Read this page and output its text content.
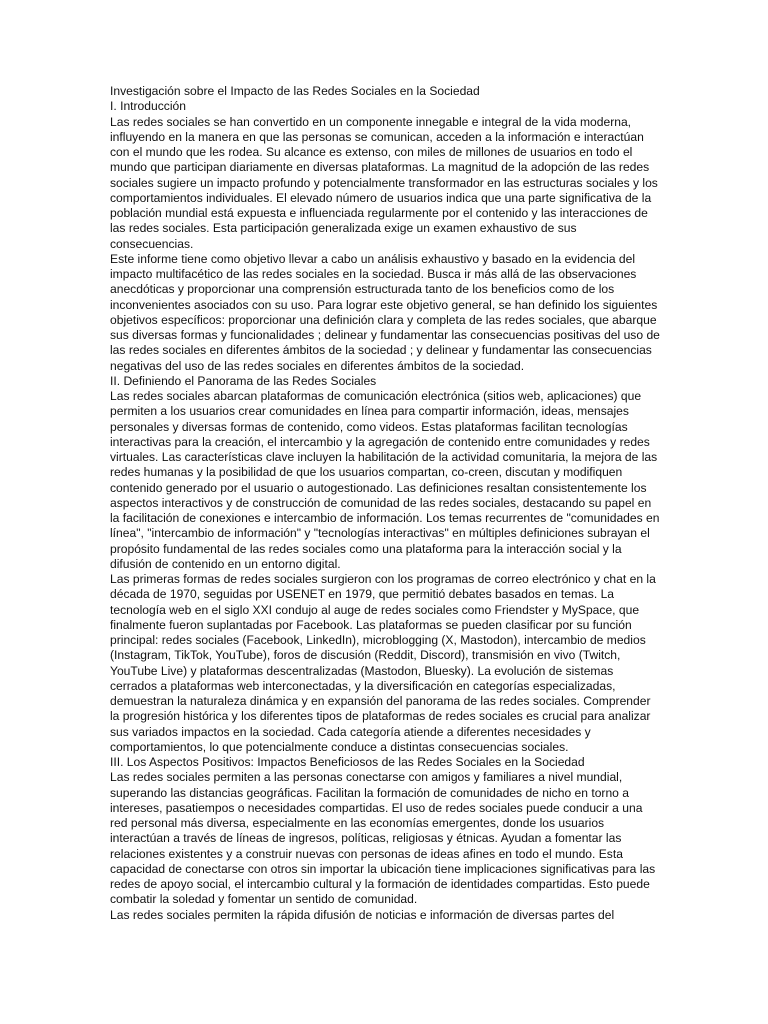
Investigación sobre el Impacto de las Redes Sociales en la Sociedad
I. Introducción

Las redes sociales se han convertido en un componente innegable e integral de la vida moderna, influyendo en la manera en que las personas se comunican, acceden a la información e interactúan con el mundo que les rodea. Su alcance es extenso, con miles de millones de usuarios en todo el mundo que participan diariamente en diversas plataformas. La magnitud de la adopción de las redes sociales sugiere un impacto profundo y potencialmente transformador en las estructuras sociales y los comportamientos individuales. El elevado número de usuarios indica que una parte significativa de la población mundial está expuesta e influenciada regularmente por el contenido y las interacciones de las redes sociales. Esta participación generalizada exige un examen exhaustivo de sus consecuencias.

Este informe tiene como objetivo llevar a cabo un análisis exhaustivo y basado en la evidencia del impacto multifacético de las redes sociales en la sociedad. Busca ir más allá de las observaciones anecdóticas y proporcionar una comprensión estructurada tanto de los beneficios como de los inconvenientes asociados con su uso. Para lograr este objetivo general, se han definido los siguientes objetivos específicos: proporcionar una definición clara y completa de las redes sociales, que abarque sus diversas formas y funcionalidades ; delinear y fundamentar las consecuencias positivas del uso de las redes sociales en diferentes ámbitos de la sociedad ; y delinear y fundamentar las consecuencias negativas del uso de las redes sociales en diferentes ámbitos de la sociedad.

II. Definiendo el Panorama de las Redes Sociales

Las redes sociales abarcan plataformas de comunicación electrónica (sitios web, aplicaciones) que permiten a los usuarios crear comunidades en línea para compartir información, ideas, mensajes personales y diversas formas de contenido, como videos. Estas plataformas facilitan tecnologías interactivas para la creación, el intercambio y la agregación de contenido entre comunidades y redes virtuales. Las características clave incluyen la habilitación de la actividad comunitaria, la mejora de las redes humanas y la posibilidad de que los usuarios compartan, co-creen, discutan y modifiquen contenido generado por el usuario o autogestionado. Las definiciones resaltan consistentemente los aspectos interactivos y de construcción de comunidad de las redes sociales, destacando su papel en la facilitación de conexiones e intercambio de información. Los temas recurrentes de "comunidades en línea", "intercambio de información" y "tecnologías interactivas" en múltiples definiciones subrayan el propósito fundamental de las redes sociales como una plataforma para la interacción social y la difusión de contenido en un entorno digital.

Las primeras formas de redes sociales surgieron con los programas de correo electrónico y chat en la década de 1970, seguidas por USENET en 1979, que permitió debates basados en temas. La tecnología web en el siglo XXI condujo al auge de redes sociales como Friendster y MySpace, que finalmente fueron suplantadas por Facebook. Las plataformas se pueden clasificar por su función principal: redes sociales (Facebook, LinkedIn), microblogging (X, Mastodon), intercambio de medios (Instagram, TikTok, YouTube), foros de discusión (Reddit, Discord), transmisión en vivo (Twitch, YouTube Live) y plataformas descentralizadas (Mastodon, Bluesky). La evolución de sistemas cerrados a plataformas web interconectadas, y la diversificación en categorías especializadas, demuestran la naturaleza dinámica y en expansión del panorama de las redes sociales. Comprender la progresión histórica y los diferentes tipos de plataformas de redes sociales es crucial para analizar sus variados impactos en la sociedad. Cada categoría atiende a diferentes necesidades y comportamientos, lo que potencialmente conduce a distintas consecuencias sociales.

III. Los Aspectos Positivos: Impactos Beneficiosos de las Redes Sociales en la Sociedad

Las redes sociales permiten a las personas conectarse con amigos y familiares a nivel mundial, superando las distancias geográficas. Facilitan la formación de comunidades de nicho en torno a intereses, pasatiempos o necesidades compartidas. El uso de redes sociales puede conducir a una red personal más diversa, especialmente en las economías emergentes, donde los usuarios interactúan a través de líneas de ingresos, políticas, religiosas y étnicas. Ayudan a fomentar las relaciones existentes y a construir nuevas con personas de ideas afines en todo el mundo. Esta capacidad de conectarse con otros sin importar la ubicación tiene implicaciones significativas para las redes de apoyo social, el intercambio cultural y la formación de identidades compartidas. Esto puede combatir la soledad y fomentar un sentido de comunidad.

Las redes sociales permiten la rápida difusión de noticias e información de diversas partes del
